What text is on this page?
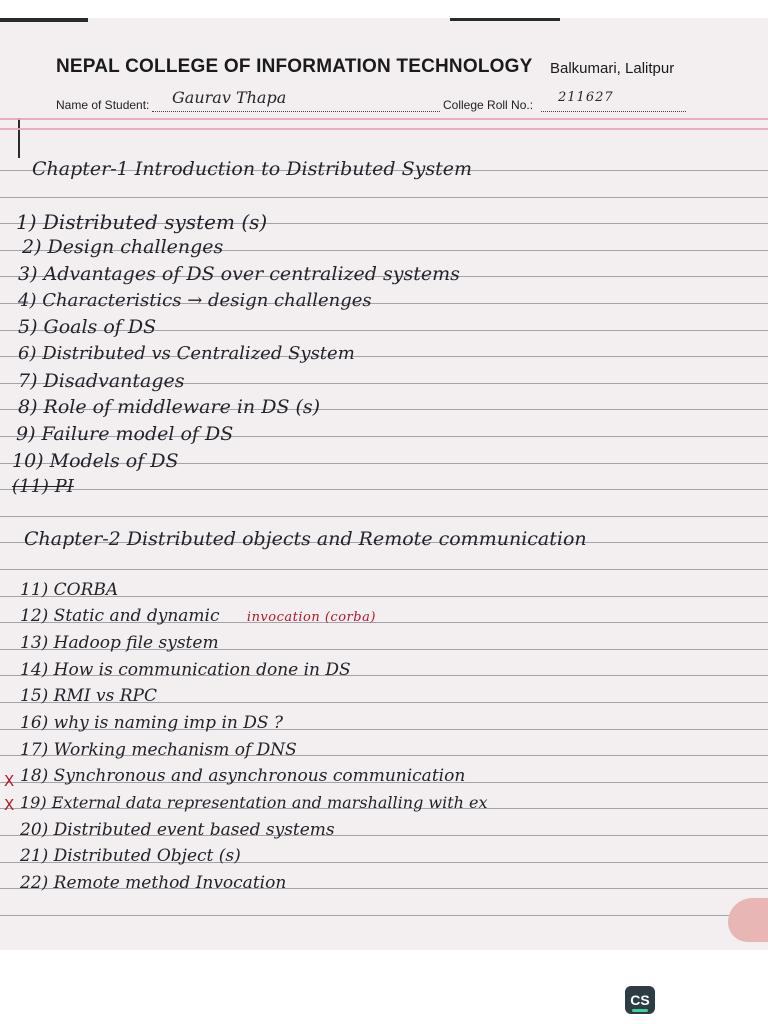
NEPAL COLLEGE OF INFORMATION TECHNOLOGY Balkumari, Lalitpur
Name of Student: Gaurav Thapa	College Roll No.: 211627
Chapter-1 Introduction to Distributed System
1) Distributed system (s)
2) Design challenges
3) Advantages of DS over centralized systems
4) Characteristics → design challenges
5) Goals of DS
6) Distributed vs Centralized System
7) Disadvantages
8) Role of middleware in DS (s)
9) Failure model of DS
10) Models of DS
(11) PI
Chapter-2 Distributed objects and Remote communication
11) CORBA
12) Static and dynamic invocation (corba)
13) Hadoop file system
14) How is communication done in DS
15) RMI vs RPC
16) why is naming imp in DS ?
17) Working mechanism of DNS
X 18) Synchronous and asynchronous communication
X 19) External data representation and marshalling with ex
20) Distributed event based systems
21) Distributed Object (s)
22) Remote method Invocation
CS
